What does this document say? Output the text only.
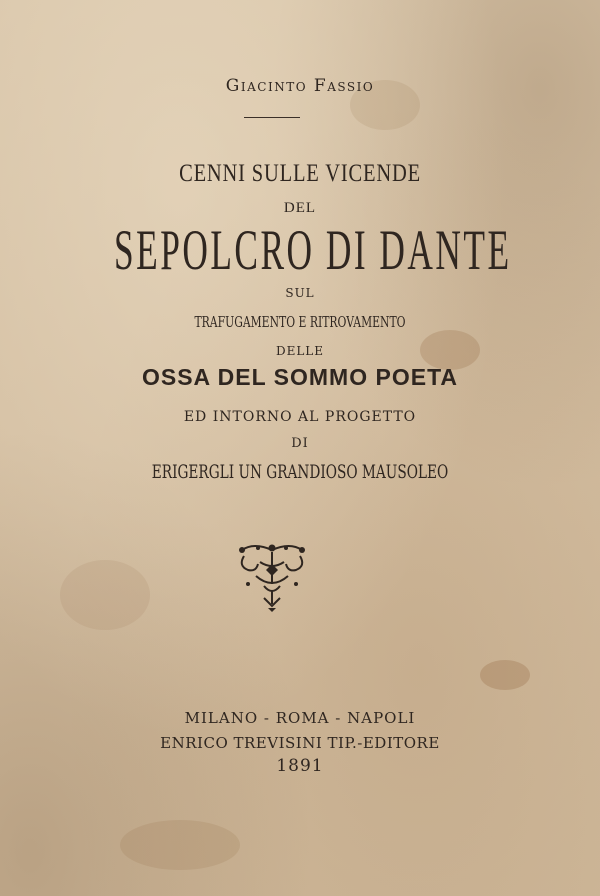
Giacinto Fassio
CENNI SULLE VICENDE
DEL
SEPOLCRO DI DANTE
SUL
TRAFUGAMENTO E RITROVAMENTO
DELLE
OSSA DEL SOMMO POETA
ED INTORNO AL PROGETTO
DI
ERIGERGLI UN GRANDIOSO MAUSOLEO
MILANO - ROMA - NAPOLI
ENRICO TREVISINI TIP.-EDITORE
1891
